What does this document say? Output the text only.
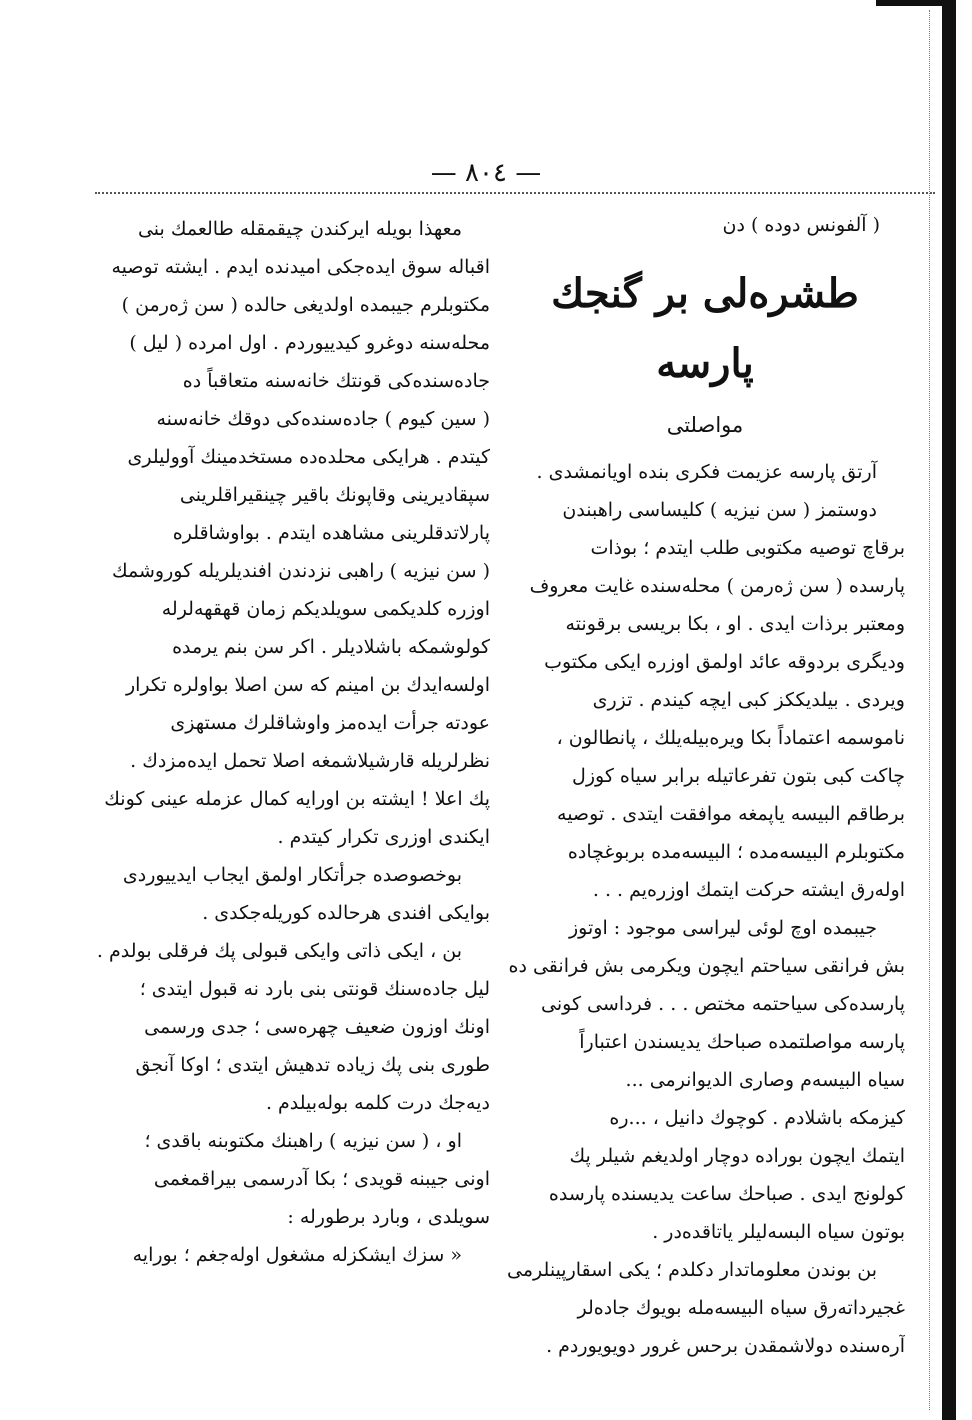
— ٨٠٤ —
( آلفونس دوده ) دن
طشره‌لی بر گنجك پارسه
مواصلتی

آرتق پارسه عزیمت فكری بنده اویانمشدی .

دوستمز ( سن نیزیه ) كلیساسی راهبندن
برقاچ توصیه مكتوبی طلب ایتدم ؛ بوذات
پارسده ( سن ژەرمن ) محله‌سنده غایت معروف
ومعتبر برذات ایدی . او ، بكا بریسی برقونته
ودیگری بردوقه عائد اولمق اوزره ایكی مكتوب
ویردی . بیلدیككز كبی ایچه كیندم . تزری
ناموسمه اعتماداً بكا ویره‌بیله‌یلك ، پانطالون ،
چاكت كبی بتون تفرعاتیله برابر سیاه كوزل
برطاقم البیسه یاپمغه موافقت ایتدی . توصیه
مكتوبلرم البیسه‌مده ؛ البیسه‌مده بربوغچاده
اوله‌رق ایشته حركت ایتمك اوزره‌یم . . .

جیبمده اوچ لوئی لیراسی موجود : اوتوز
بش فرانقی سیاحتم ایچون ویكرمی بش فرانقی ده
پارسده‌كی سیاحتمه مختص . . . فرداسی كونی
پارسه مواصلتمده صباحك یدیسندن اعتباراً
سیاه البیسه‌م وصاری الدیوانرمی ...
كیزمكه باشلادم . كوچوك دانیل ، ...ره
ایتمك ایچون بوراده دوچار اولدیغم شیلر پك
كولونج ایدی . صباحك ساعت یدیسنده پارسده
بوتون سیاه البسه‌لیلر یاتاقده‌در .

بن بوندن معلوماتدار دكلدم ؛ یكی اسقارپینلرمی
غجیرداته‌رق سیاه البیسه‌مله بویوك جاده‌لر
آره‌سنده دولاشمقدن برحس غرور دویویوردم .

معهذا بویله ایركندن چیقمقله طالعمك بنی
اقباله سوق ایده‌جكی امیدنده ایدم . ایشته توصیه
مكتوبلرم جیبمده اولدیغی حالده ( سن ژەرمن )
محله‌سنه دوغرو كیدییوردم . اول امرده ( لیل )
جاده‌سنده‌كی قونتك خانه‌سنه متعاقباً ده
( سین كیوم ) جاده‌سنده‌كی دوقك خانه‌سنه
كیتدم . هرایكی محلده‌ده مستخدمینك آوولیلری
سپقادیرینی وقاپونك باقیر چینقیراقلرینی
پارلاتدقلرینی مشاهده ایتدم . بواوشاقلره
( سن نیزیه ) راهبی نزدندن افندیلریله كوروشمك
اوزره كلدیكمی سویلدیكم زمان قهقهه‌لرله
كولوشمكه باشلادیلر . اكر سن بنم یرمده
اولسه‌ایدك بن امینم كه سن اصلا بواولره تكرار
عودته جرأت ایده‌مز واوشاقلرك مستهزی
نظرلریله قارشیلاشمغه اصلا تحمل ایده‌مزدك .
پك اعلا ! ایشته بن اورایه كمال عزمله عینی كونك
ایكندی اوزری تكرار كیتدم .

بوخصوصده جرأتكار اولمق ایجاب ایدییوردی
بوایكی افندی هرحالده كوریله‌جكدی .

بن ، ایكی ذاتی وایكی قبولی پك فرقلی بولدم .
لیل جاده‌سنك قونتی بنی بارد نه قبول ایتدی ؛
اونك اوزون ضعیف چهره‌سی ؛ جدی ورسمی
طوری بنی پك زیاده تدهیش ایتدی ؛ اوكا آنجق
دیه‌جك درت كلمه بوله‌بیلدم .

او ، ( سن نیزیه ) راهبنك مكتوبنه باقدی ؛
اونی جیبنه قویدی ؛ بكا آدرسمی بیراقمغمی
سویلدی ، وبارد برطورله :

« سزك ایشكزله مشغول اوله‌جغم ؛ بورایه
